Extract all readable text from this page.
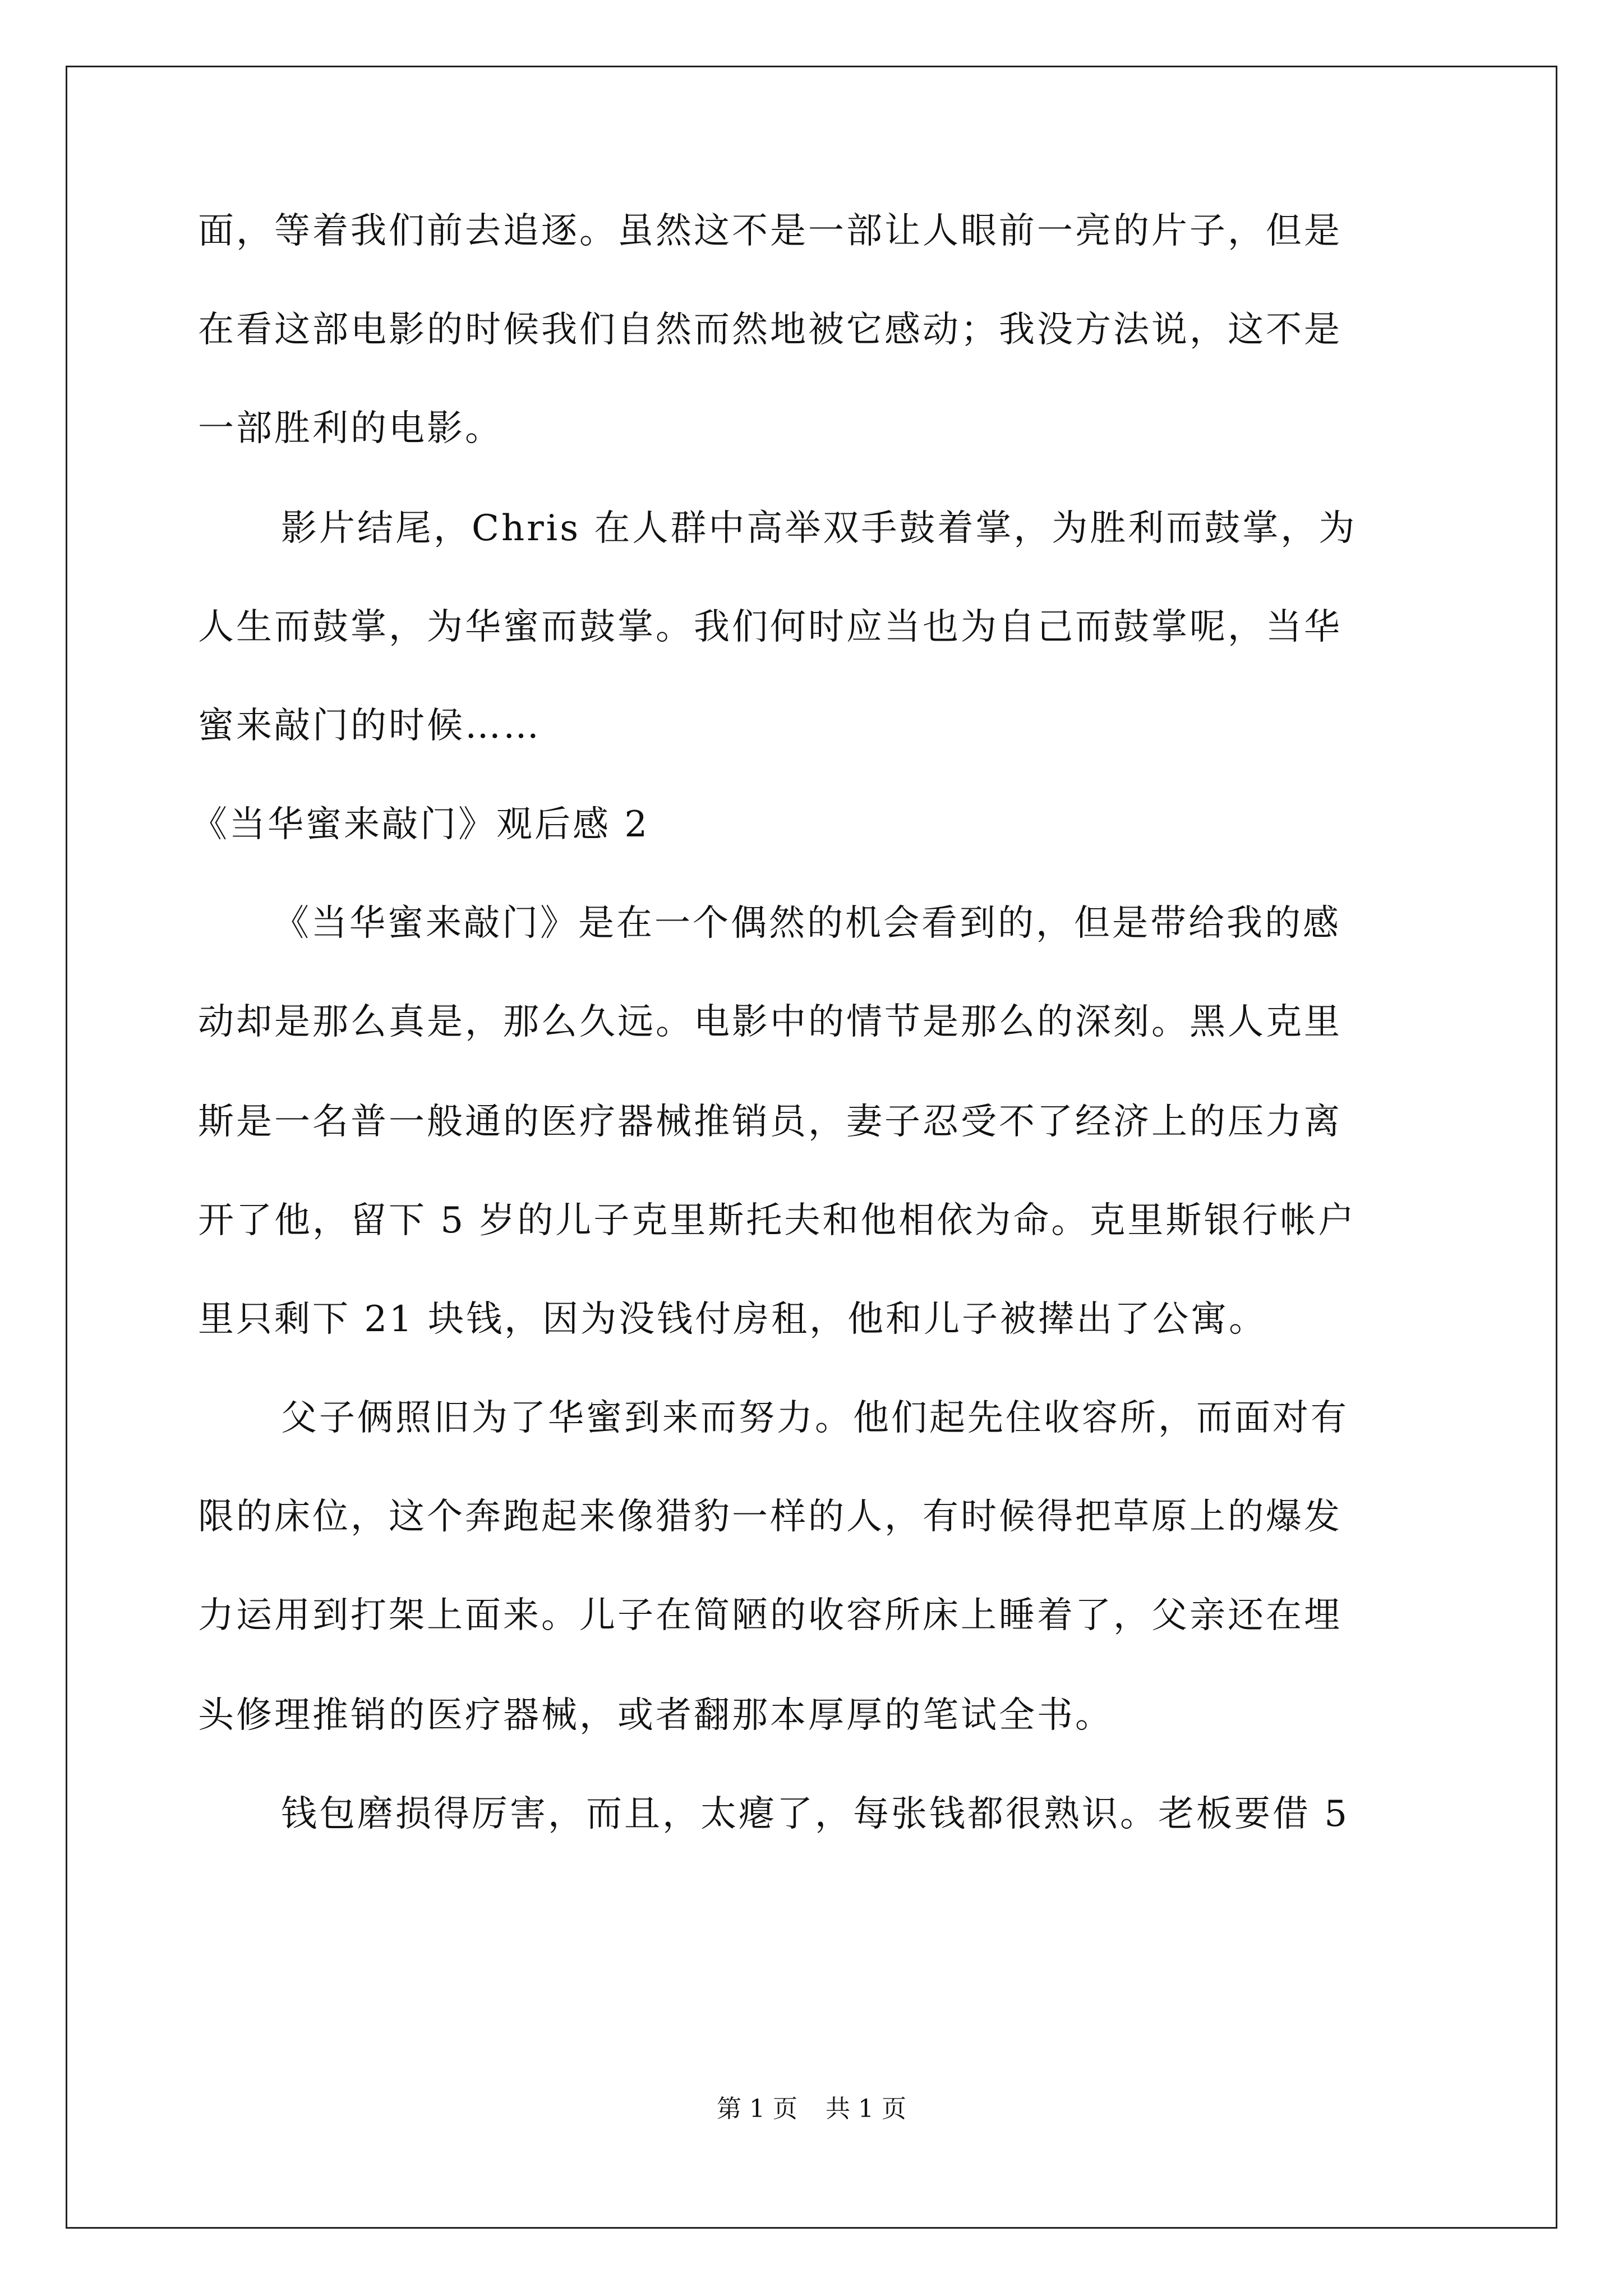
面，等着我们前去追逐。虽然这不是一部让人眼前一亮的片子，但是
在看这部电影的时候我们自然而然地被它感动；我没方法说，这不是
一部胜利的电影。
影片结尾，Chris 在人群中高举双手鼓着掌，为胜利而鼓掌，为
人生而鼓掌，为华蜜而鼓掌。我们何时应当也为自己而鼓掌呢，当华
蜜来敲门的时候……
《当华蜜来敲门》观后感 2
《当华蜜来敲门》是在一个偶然的机会看到的，但是带给我的感
动却是那么真是，那么久远。电影中的情节是那么的深刻。黑人克里
斯是一名普一般通的医疗器械推销员，妻子忍受不了经济上的压力离
开了他，留下 5 岁的儿子克里斯托夫和他相依为命。克里斯银行帐户
里只剩下 21 块钱，因为没钱付房租，他和儿子被撵出了公寓。
父子俩照旧为了华蜜到来而努力。他们起先住收容所，而面对有
限的床位，这个奔跑起来像猎豹一样的人，有时候得把草原上的爆发
力运用到打架上面来。儿子在简陋的收容所床上睡着了，父亲还在埋
头修理推销的医疗器械，或者翻那本厚厚的笔试全书。
钱包磨损得厉害，而且，太瘪了，每张钱都很熟识。老板要借 5
第 1 页 共 1 页
